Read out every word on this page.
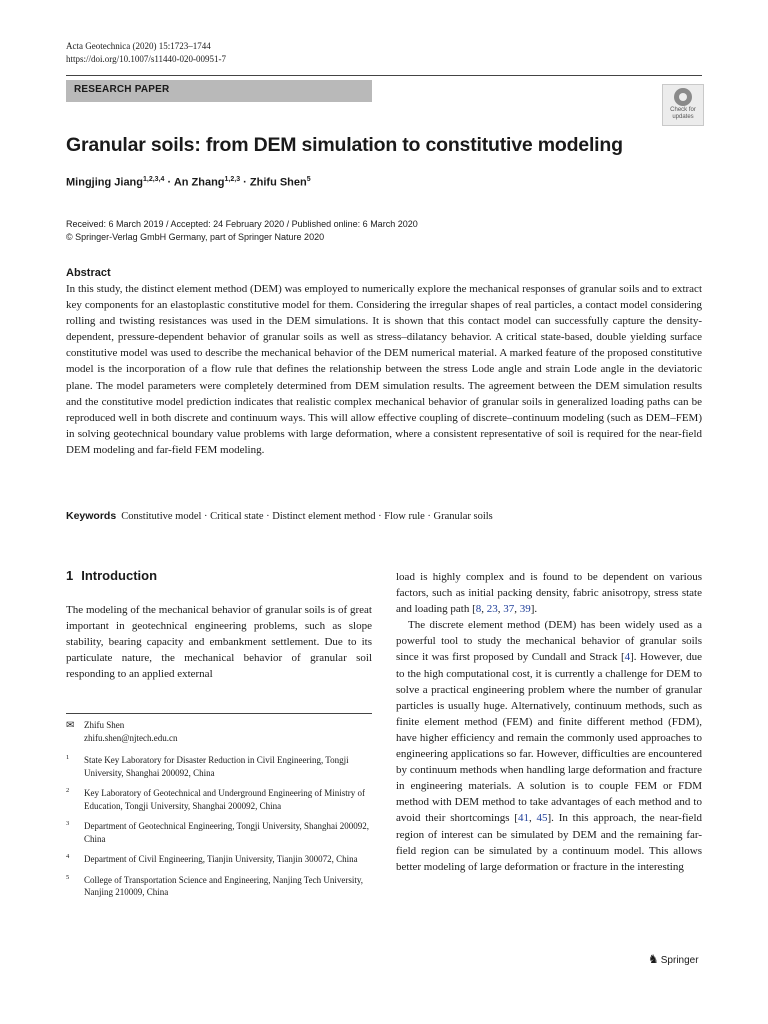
Acta Geotechnica (2020) 15:1723–1744
https://doi.org/10.1007/s11440-020-00951-7
RESEARCH PAPER
Check for
updates
Granular soils: from DEM simulation to constitutive modeling
Mingjing Jiang$^{1,2,3,4}$ · An Zhang$^{1,2,3}$ · Zhifu Shen$^5$
Received: 6 March 2019 / Accepted: 24 February 2020 / Published online: 6 March 2020
© Springer-Verlag GmbH Germany, part of Springer Nature 2020
Abstract

In this study, the distinct element method (DEM) was employed to numerically explore the mechanical responses of granular soils and to extract key components for an elastoplastic constitutive model for them. Considering the irregular shapes of real particles, a contact model considering rolling and twisting resistances was used in the DEM simulations. It is shown that this contact model can successfully capture the density-dependent, pressure-dependent behavior of granular soils as well as stress–dilatancy behavior. A critical state-based, double yielding surface constitutive model was used to describe the mechanical behavior of the DEM numerical material. A marked feature of the proposed constitutive model is the incorporation of a flow rule that defines the relationship between the stress Lode angle and strain Lode angle in the deviatoric plane. The model parameters were completely determined from DEM simulation results. The agreement between the DEM simulation results and the constitutive model prediction indicates that realistic complex mechanical behavior of granular soils in generalized loading paths can be reproduced well in both discrete and continuum ways. This will allow effective coupling of discrete–continuum modeling (such as DEM–FEM) in solving geotechnical boundary value problems with large deformation, where a consistent representative of soil is required for the near-field DEM modeling and far-field FEM modeling.

Keywords Constitutive model · Critical state · Distinct element method · Flow rule · Granular soils
1 Introduction

The modeling of the mechanical behavior of granular soils is of great important in geotechnical engineering problems, such as slope stability, bearing capacity and embankment settlement. Due to its particulate nature, the mechanical behavior of granular soil responding to an applied external

✉ Zhifu Shen
zhifu.shen@njtech.edu.cn
1 State Key Laboratory for Disaster Reduction in Civil Engineering, Tongji University, Shanghai 200092, China
2 Key Laboratory of Geotechnical and Underground Engineering of Ministry of Education, Tongji University, Shanghai 200092, China
3 Department of Geotechnical Engineering, Tongji University, Shanghai 200092, China
4 Department of Civil Engineering, Tianjin University, Tianjin 300072, China
5 College of Transportation Science and Engineering, Nanjing Tech University, Nanjing 210009, China

load is highly complex and is found to be dependent on various factors, such as initial packing density, fabric anisotropy, stress state and loading path [8, 23, 37, 39].

The discrete element method (DEM) has been widely used as a powerful tool to study the mechanical behavior of granular soils since it was first proposed by Cundall and Strack [4]. However, due to the high computational cost, it is currently a challenge for DEM to solve a practical engineering problem where the number of granular particles is usually huge. Alternatively, continuum methods, such as finite element method (FEM) and finite different method (FDM), have higher efficiency and remain the commonly used approaches to engineering applications so far. However, difficulties are encountered by continuum methods when handling large deformation and fracture in engineering materials. A solution is to couple FEM or FDM method with DEM method to take advantages of each method and to avoid their shortcomings [41, 45]. In this approach, the near-field region of interest can be simulated by DEM and the remaining far-field region can be simulated by a continuum model. This allows better modeling of large deformation or fracture in the interesting

♞ Springer
